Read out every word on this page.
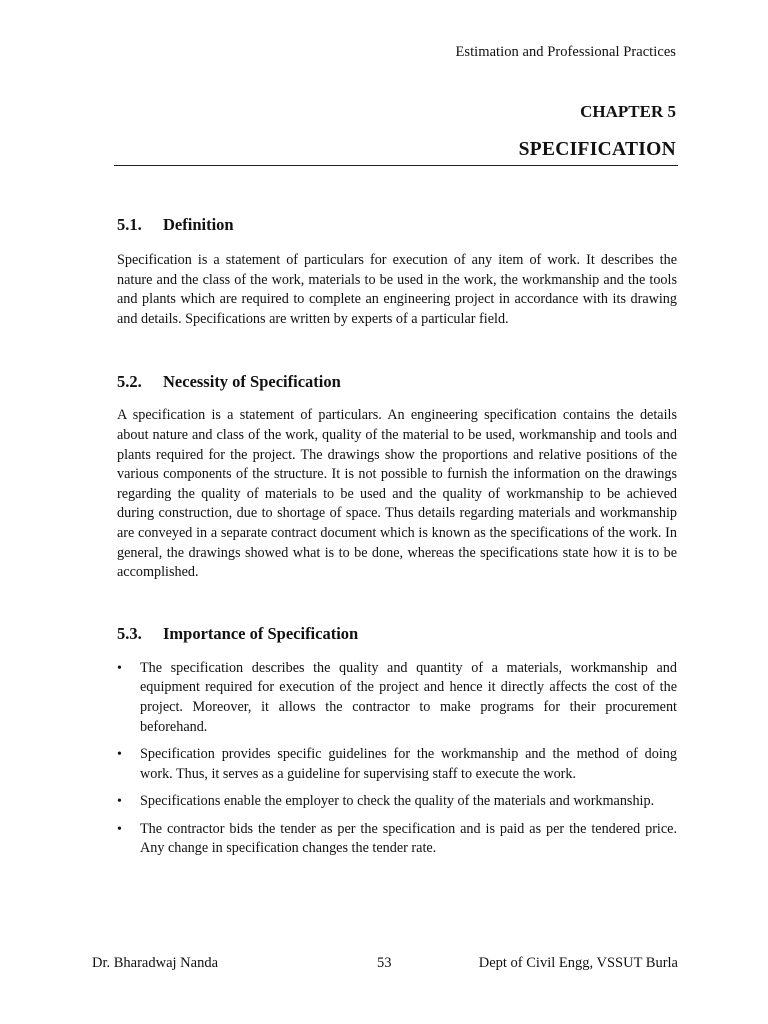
Estimation and Professional Practices
CHAPTER 5
SPECIFICATION
5.1. Definition

Specification is a statement of particulars for execution of any item of work. It describes the nature and the class of the work, materials to be used in the work, the workmanship and the tools and plants which are required to complete an engineering project in accordance with its drawing and details. Specifications are written by experts of a particular field.

5.2. Necessity of Specification

A specification is a statement of particulars. An engineering specification contains the details about nature and class of the work, quality of the material to be used, workmanship and tools and plants required for the project. The drawings show the proportions and relative positions of the various components of the structure. It is not possible to furnish the information on the drawings regarding the quality of materials to be used and the quality of workmanship to be achieved during construction, due to shortage of space. Thus details regarding materials and workmanship are conveyed in a separate contract document which is known as the specifications of the work. In general, the drawings showed what is to be done, whereas the specifications state how it is to be accomplished.

5.3. Importance of Specification
• The specification describes the quality and quantity of a materials, workmanship and equipment required for execution of the project and hence it directly affects the cost of the project. Moreover, it allows the contractor to make programs for their procurement beforehand.
• Specification provides specific guidelines for the workmanship and the method of doing work. Thus, it serves as a guideline for supervising staff to execute the work.
• Specifications enable the employer to check the quality of the materials and workmanship.
• The contractor bids the tender as per the specification and is paid as per the tendered price. Any change in specification changes the tender rate.
Dr. Bharadwaj Nanda	53	Dept of Civil Engg, VSSUT Burla
